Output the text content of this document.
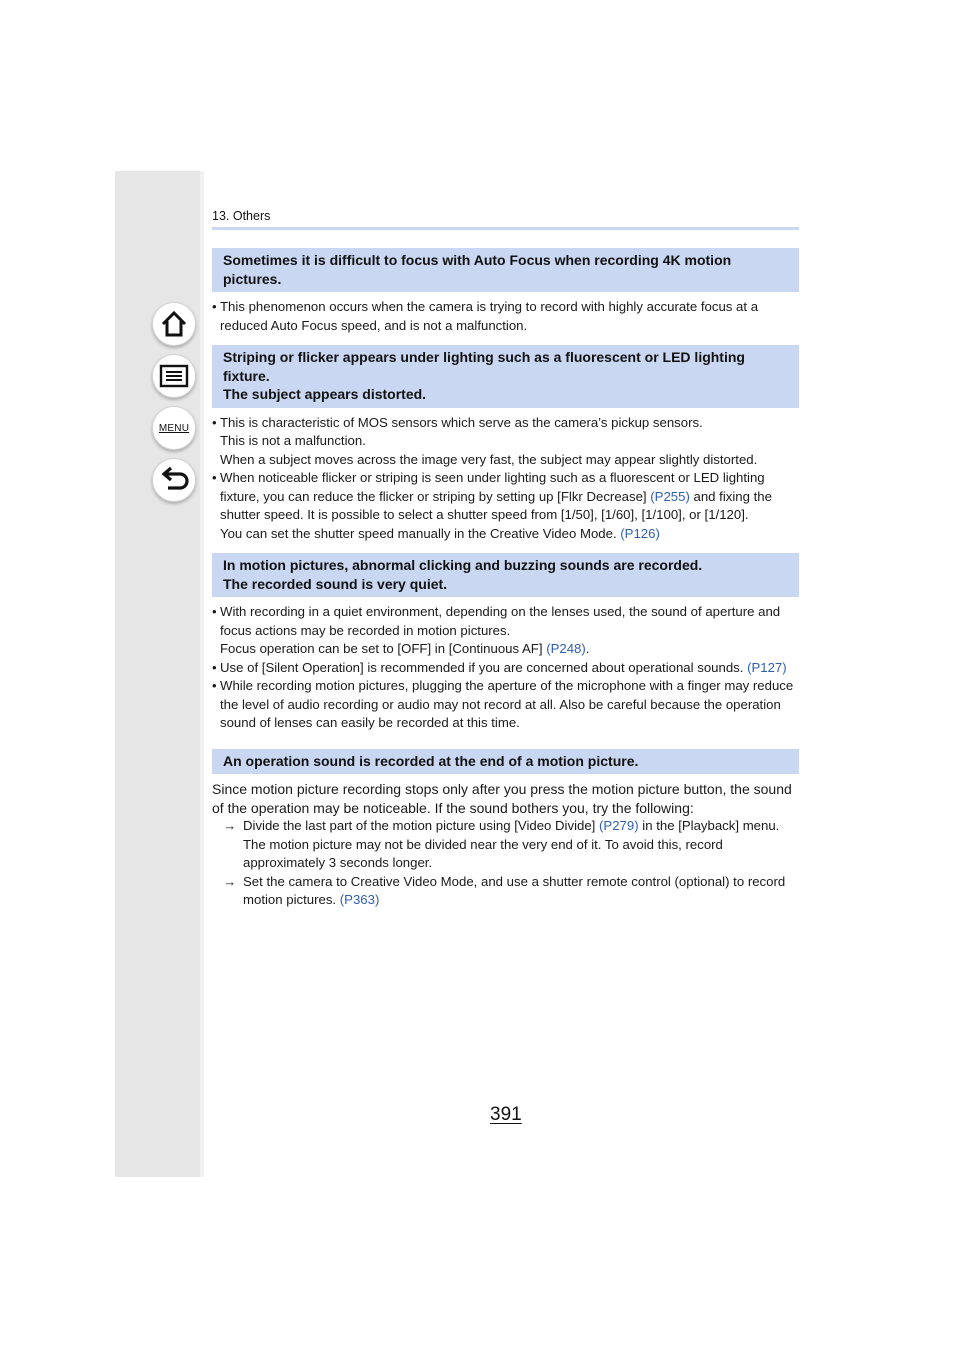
MENU
13. Others
Sometimes it is difficult to focus with Auto Focus when recording 4K motion pictures.
• This phenomenon occurs when the camera is trying to record with highly accurate focus at a reduced Auto Focus speed, and is not a malfunction.
Striping or flicker appears under lighting such as a fluorescent or LED lighting fixture.
The subject appears distorted.
• This is characteristic of MOS sensors which serve as the camera’s pickup sensors.
This is not a malfunction.
When a subject moves across the image very fast, the subject may appear slightly distorted.
• When noticeable flicker or striping is seen under lighting such as a fluorescent or LED lighting fixture, you can reduce the flicker or striping by setting up [Flkr Decrease] (P255) and fixing the shutter speed. It is possible to select a shutter speed from [1/50], [1/60], [1/100], or [1/120].
You can set the shutter speed manually in the Creative Video Mode. (P126)
In motion pictures, abnormal clicking and buzzing sounds are recorded.
The recorded sound is very quiet.
• With recording in a quiet environment, depending on the lenses used, the sound of aperture and focus actions may be recorded in motion pictures.
Focus operation can be set to [OFF] in [Continuous AF] (P248).
• Use of [Silent Operation] is recommended if you are concerned about operational sounds. (P127)
• While recording motion pictures, plugging the aperture of the microphone with a finger may reduce the level of audio recording or audio may not record at all. Also be careful because the operation sound of lenses can easily be recorded at this time.
An operation sound is recorded at the end of a motion picture.
Since motion picture recording stops only after you press the motion picture button, the sound of the operation may be noticeable. If the sound bothers you, try the following:
→ Divide the last part of the motion picture using [Video Divide] (P279) in the [Playback] menu.
The motion picture may not be divided near the very end of it. To avoid this, record approximately 3 seconds longer.
→ Set the camera to Creative Video Mode, and use a shutter remote control (optional) to record motion pictures. (P363)
391
